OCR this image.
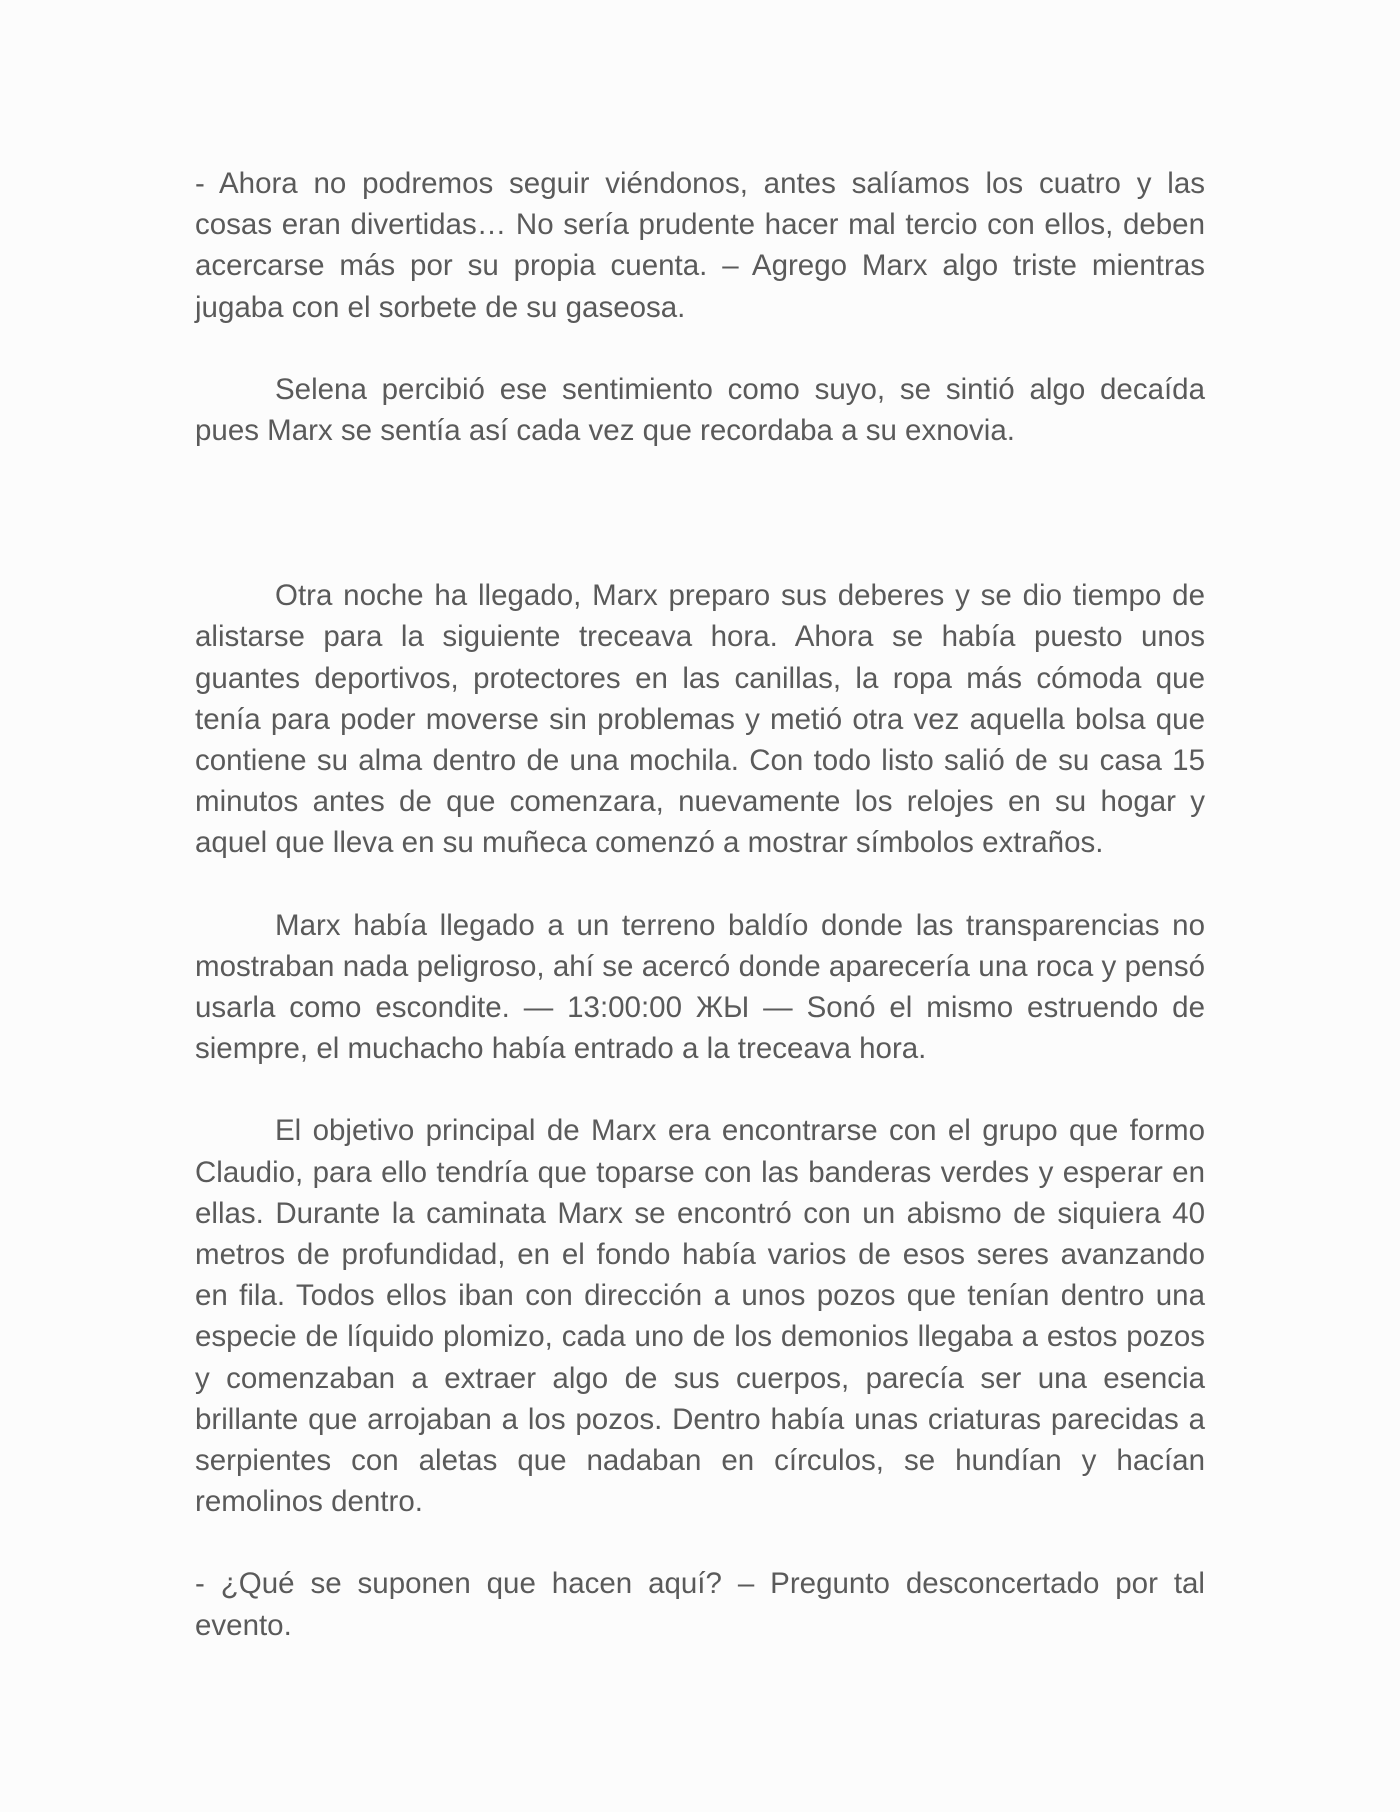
- Ahora no podremos seguir viéndonos, antes salíamos los cuatro y las cosas eran divertidas… No sería prudente hacer mal tercio con ellos, deben acercarse más por su propia cuenta. – Agrego Marx algo triste mientras jugaba con el sorbete de su gaseosa.

Selena percibió ese sentimiento como suyo, se sintió algo decaída pues Marx se sentía así cada vez que recordaba a su exnovia.

Otra noche ha llegado, Marx preparo sus deberes y se dio tiempo de alistarse para la siguiente treceava hora. Ahora se había puesto unos guantes deportivos, protectores en las canillas, la ropa más cómoda que tenía para poder moverse sin problemas y metió otra vez aquella bolsa que contiene su alma dentro de una mochila. Con todo listo salió de su casa 15 minutos antes de que comenzara, nuevamente los relojes en su hogar y aquel que lleva en su muñeca comenzó a mostrar símbolos extraños.

Marx había llegado a un terreno baldío donde las transparencias no mostraban nada peligroso, ahí se acercó donde aparecería una roca y pensó usarla como escondite. — 13:00:00 ЖЫ — Sonó el mismo estruendo de siempre, el muchacho había entrado a la treceava hora.

El objetivo principal de Marx era encontrarse con el grupo que formo Claudio, para ello tendría que toparse con las banderas verdes y esperar en ellas. Durante la caminata Marx se encontró con un abismo de siquiera 40 metros de profundidad, en el fondo había varios de esos seres avanzando en fila. Todos ellos iban con dirección a unos pozos que tenían dentro una especie de líquido plomizo, cada uno de los demonios llegaba a estos pozos y comenzaban a extraer algo de sus cuerpos, parecía ser una esencia brillante que arrojaban a los pozos. Dentro había unas criaturas parecidas a serpientes con aletas que nadaban en círculos, se hundían y hacían remolinos dentro.

- ¿Qué se suponen que hacen aquí? – Pregunto desconcertado por tal evento.
